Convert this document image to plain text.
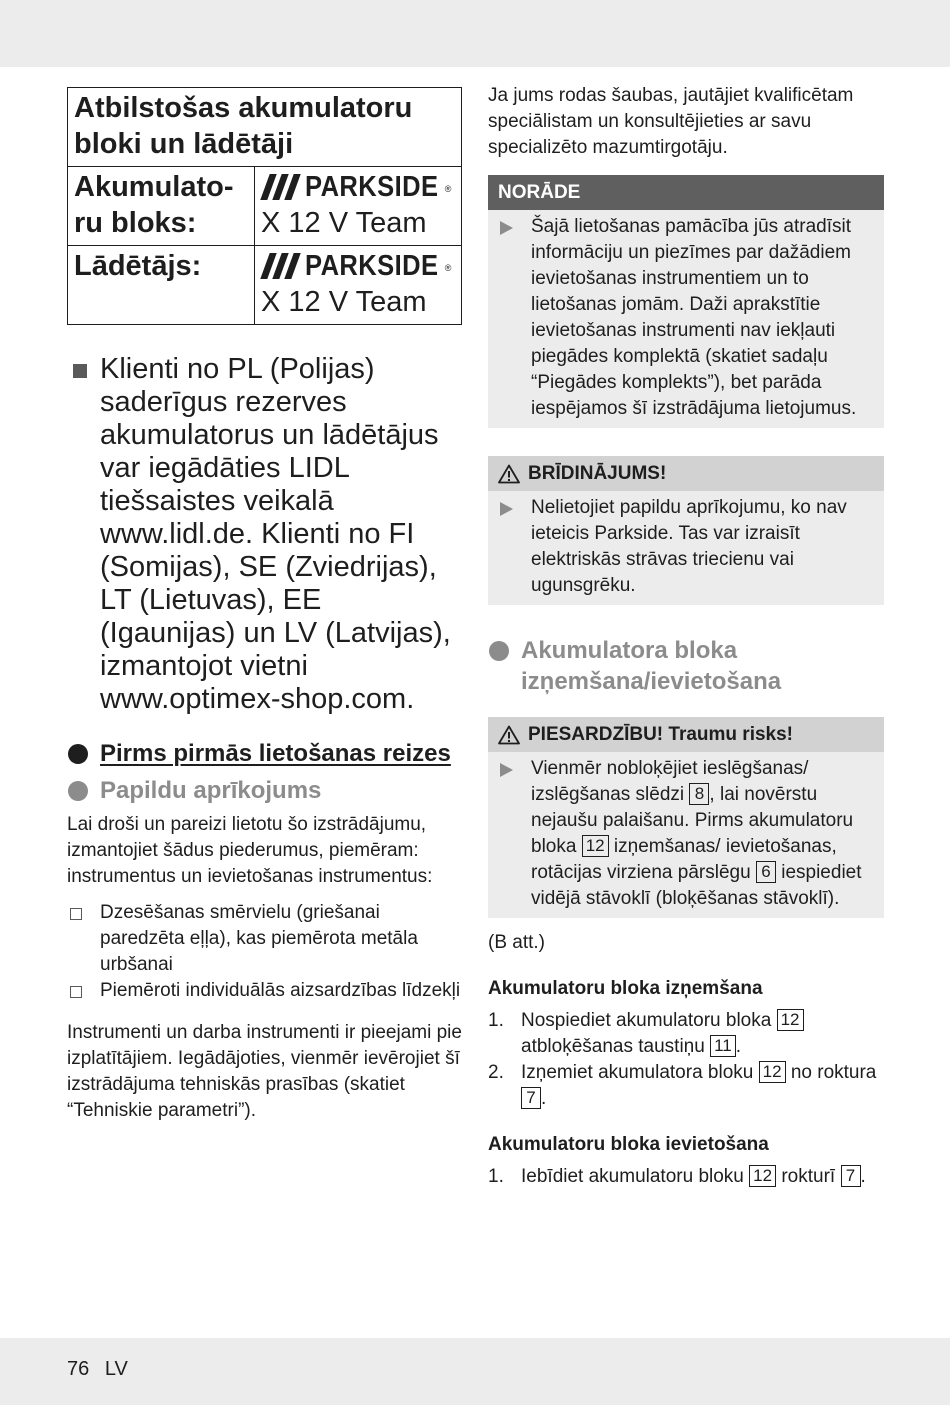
Atbilstošas akumulatoru bloki un lādētāji	
Akumulato- ru bloks:	PARKSIDE ®
X 12 V Team

Lādētājs:	PARKSIDE ®
X 12 V Team
Klienti no PL (Polijas) saderīgus rezerves akumulatorus un lādētājus var iegādāties LIDL tiešsaistes veikalā www.lidl.de. Klienti no FI (Somijas), SE (Zviedrijas), LT (Lietuvas), EE (Igaunijas) un LV (Latvijas), izmantojot vietni www.optimex-shop.com.
Pirms pirmās lietošanas reizes
Papildu aprīkojums

Lai droši un pareizi lietotu šo izstrādājumu, izmantojiet šādus piederumus, piemēram: instrumentus un ievietošanas instrumentus:

Dzesēšanas smērvielu (griešanai paredzēta eļļa), kas piemērota metāla urbšanai
Piemēroti individuālās aizsardzības līdzekļi

Instrumenti un darba instrumenti ir pieejami pie izplatītājiem. Iegādājoties, vienmēr ievērojiet šī izstrādājuma tehniskās prasības (skatiet “Tehniskie parametri”).

Ja jums rodas šaubas, jautājiet kvalificētam speciālistam un konsultējieties ar savu specializēto mazumtirgotāju.

NORĀDE
Šajā lietošanas pamācība jūs atradīsit informāciju un piezīmes par dažādiem ievietošanas instrumentiem un to lietošanas jomām. Daži aprakstītie ievietošanas instrumenti nav iekļauti piegādes komplektā (skatiet sadaļu “Piegādes komplekts”), bet parāda iespējamos šī izstrādājuma lietojumus.
BRĪDINĀJUMS!
Nelietojiet papildu aprīkojumu, ko nav ieteicis Parkside. Tas var izraisīt elektriskās strāvas triecienu vai ugunsgrēku.
Akumulatora bloka izņemšana/ievietošana
PIESARDZĪBU! Traumu risks!
Vienmēr nobloķējiet ieslēgšanas/ izslēgšanas slēdzi 8 , lai novērstu nejaušu palaišanu. Pirms akumulatoru bloka 12 izņemšanas/ ievietošanas, rotācijas virziena pārslēgu 6 iespiediet vidējā stāvoklī (bloķēšanas stāvoklī).

(B att.)

Akumulatoru bloka izņemšana
1. Nospiediet akumulatoru bloka 12 atbloķēšanas taustiņu 11 .
2. Izņemiet akumulatora bloku 12 no roktura 7 .
Akumulatoru bloka ievietošana
1. Iebīdiet akumulatoru bloku 12 rokturī 7 .
76 LV
